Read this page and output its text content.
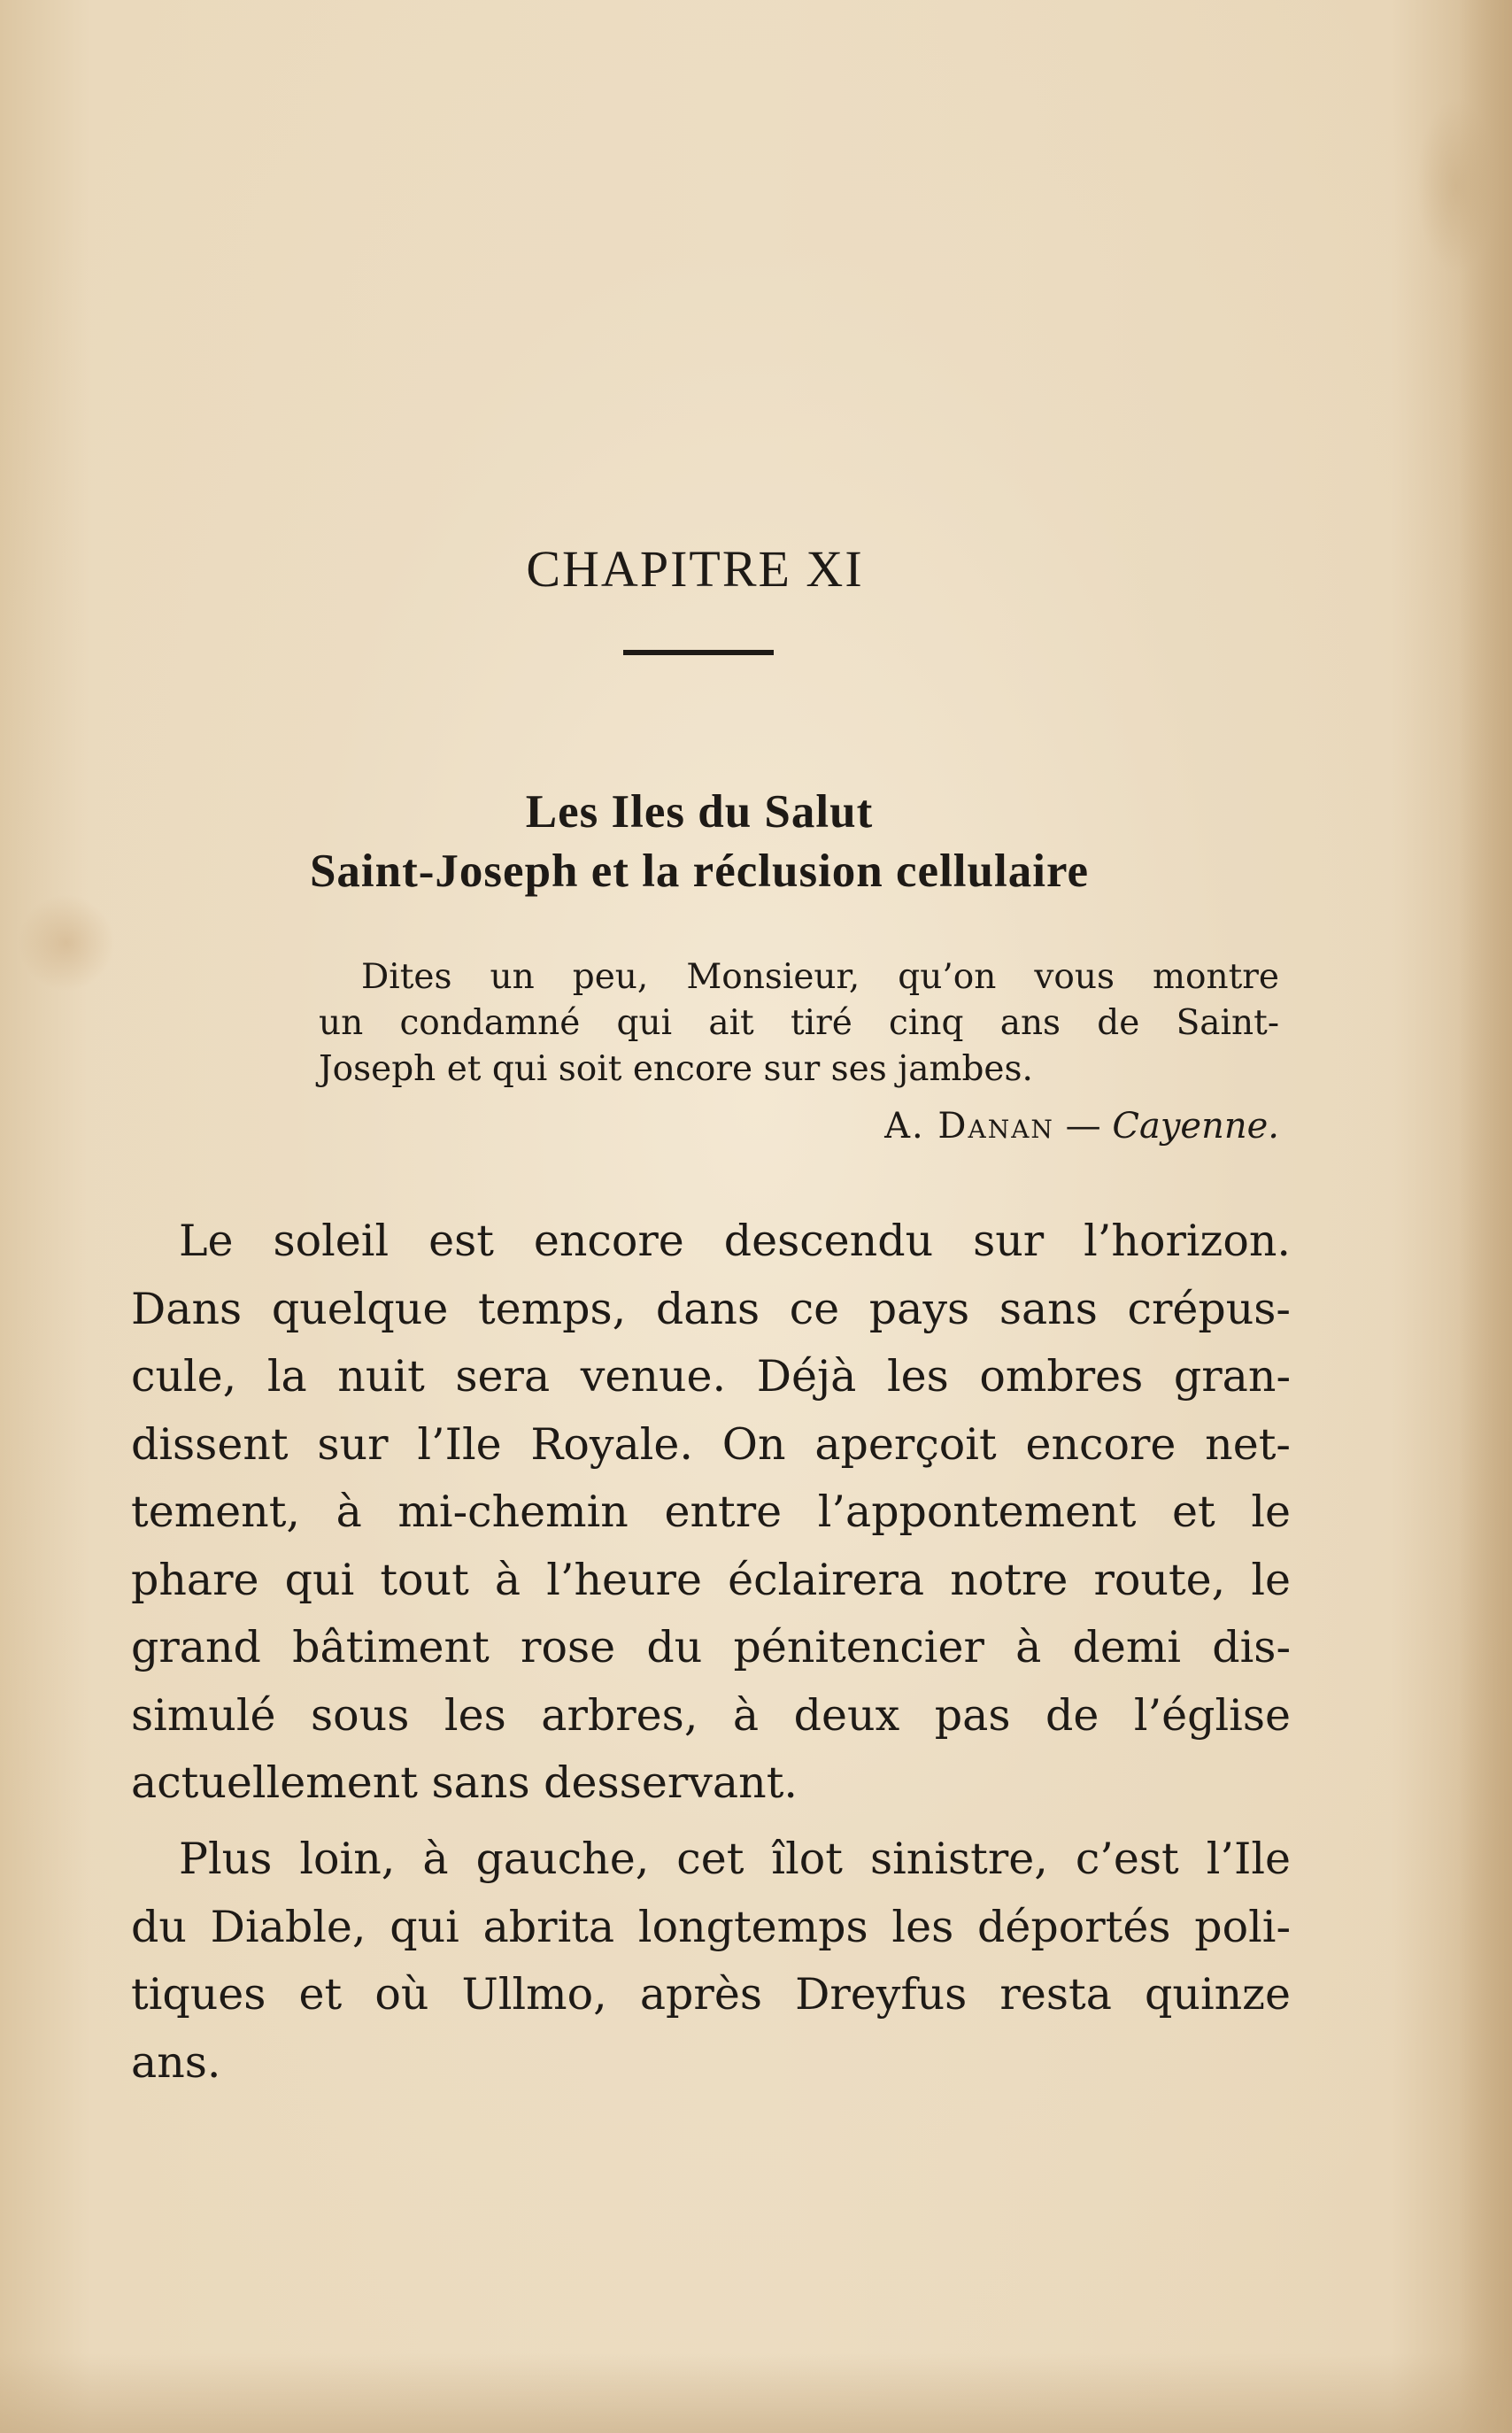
CHAPITRE XI
Les Iles du Salut
Saint-Joseph et la réclusion cellulaire
Dites un peu, Monsieur, qu’on vous montre
un condamné qui ait tiré cinq ans de Saint-
Joseph et qui soit encore sur ses jambes.
A. Danan — Cayenne.
Le soleil est encore descendu sur l’horizon.
Dans quelque temps, dans ce pays sans crépus-
cule, la nuit sera venue. Déjà les ombres gran-
dissent sur l’Ile Royale. On aperçoit encore net-
tement, à mi-chemin entre l’appontement et le
phare qui tout à l’heure éclairera notre route, le
grand bâtiment rose du pénitencier à demi dis-
simulé sous les arbres, à deux pas de l’église
actuellement sans desservant.
Plus loin, à gauche, cet îlot sinistre, c’est l’Ile
du Diable, qui abrita longtemps les déportés poli-
tiques et où Ullmo, après Dreyfus resta quinze
ans.
